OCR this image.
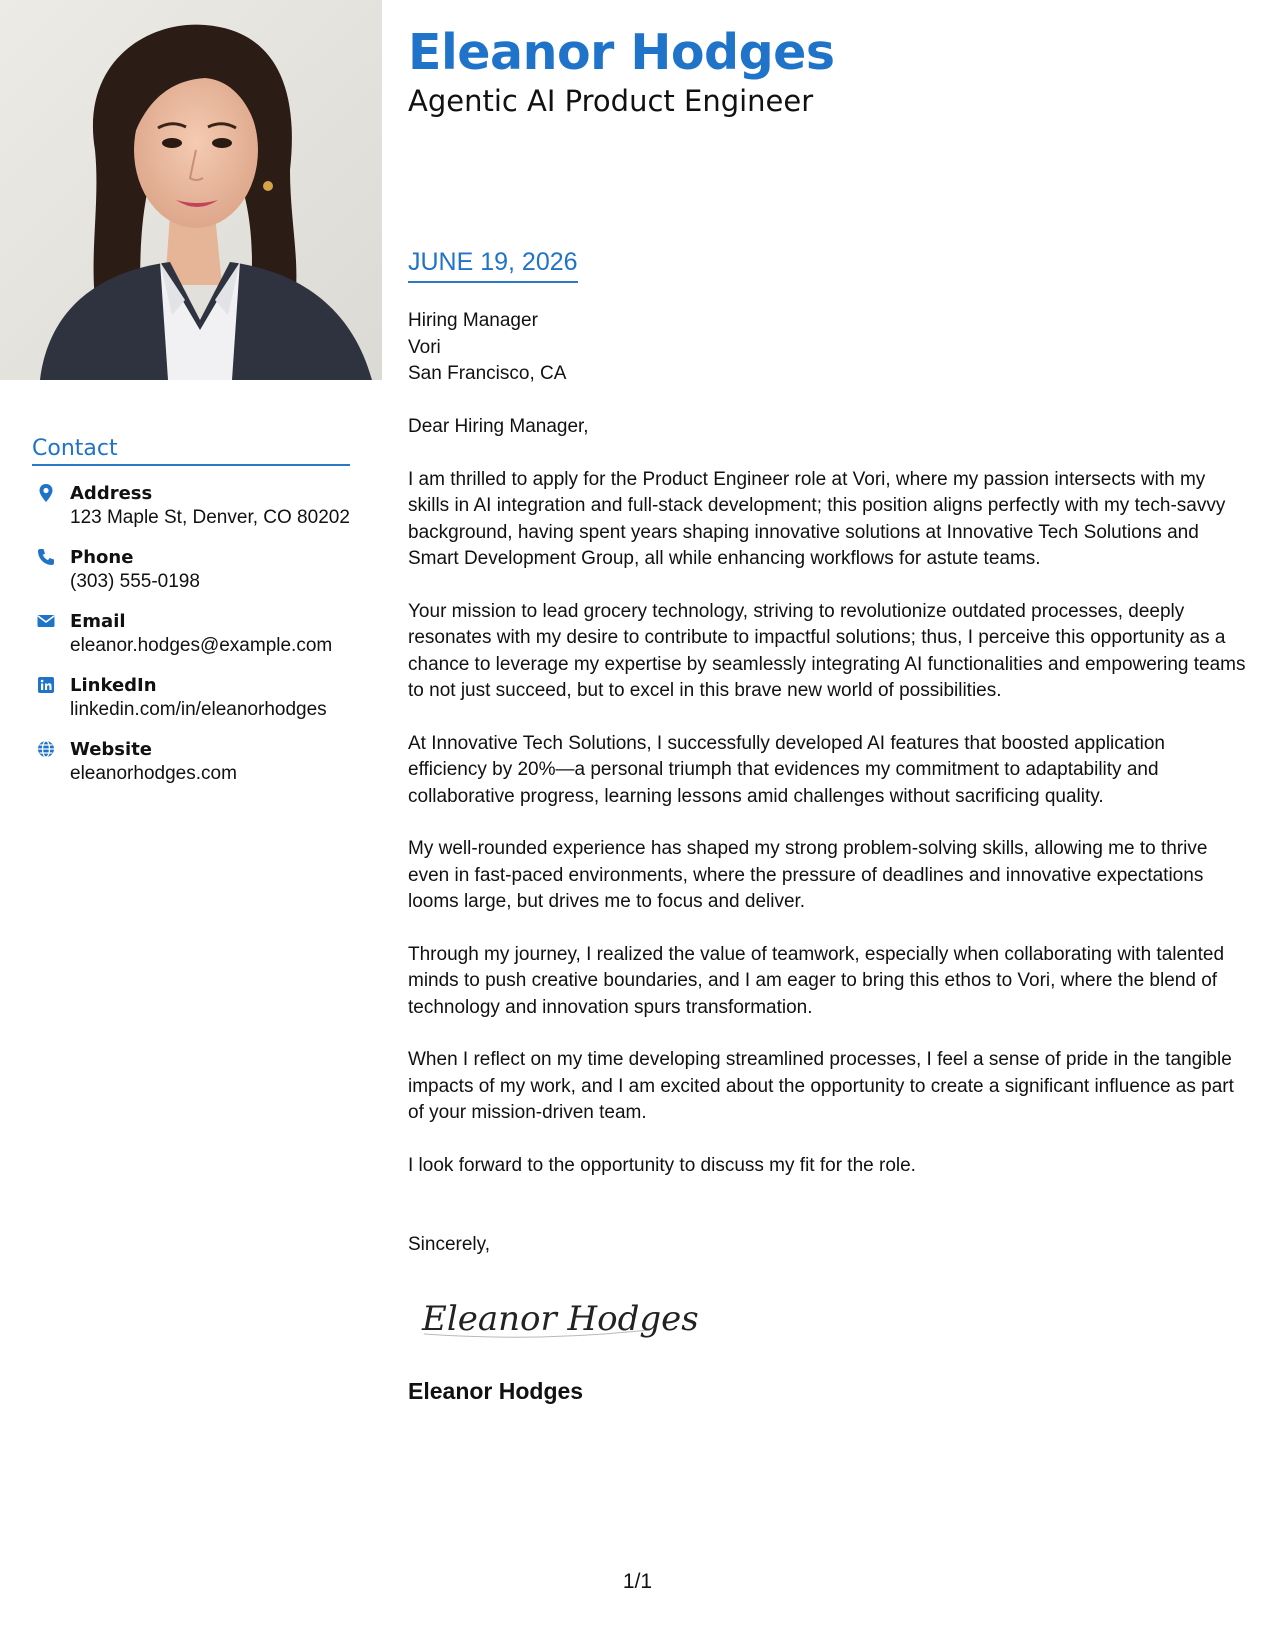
Contact
Address
123 Maple St, Denver, CO 80202
Phone
(303) 555-0198
Email
eleanor.hodges@example.com
LinkedIn
linkedin.com/in/eleanorhodges
Website
eleanorhodges.com
Eleanor Hodges
Agentic AI Product Engineer
JUNE 19, 2026
Hiring Manager
Vori
San Francisco, CA

Dear Hiring Manager,

I am thrilled to apply for the Product Engineer role at Vori, where my passion intersects with my skills in AI integration and full-stack development; this position aligns perfectly with my tech-savvy background, having spent years shaping innovative solutions at Innovative Tech Solutions and Smart Development Group, all while enhancing workflows for astute teams.

Your mission to lead grocery technology, striving to revolutionize outdated processes, deeply resonates with my desire to contribute to impactful solutions; thus, I perceive this opportunity as a chance to leverage my expertise by seamlessly integrating AI functionalities and empowering teams to not just succeed, but to excel in this brave new world of possibilities.

At Innovative Tech Solutions, I successfully developed AI features that boosted application efficiency by 20%—a personal triumph that evidences my commitment to adaptability and collaborative progress, learning lessons amid challenges without sacrificing quality.

My well-rounded experience has shaped my strong problem-solving skills, allowing me to thrive even in fast-paced environments, where the pressure of deadlines and innovative expectations looms large, but drives me to focus and deliver.

Through my journey, I realized the value of teamwork, especially when collaborating with talented minds to push creative boundaries, and I am eager to bring this ethos to Vori, where the blend of technology and innovation spurs transformation.

When I reflect on my time developing streamlined processes, I feel a sense of pride in the tangible impacts of my work, and I am excited about the opportunity to create a significant influence as part of your mission-driven team.

I look forward to the opportunity to discuss my fit for the role.

Sincerely,
Eleanor Hodges
Eleanor Hodges
1/1
